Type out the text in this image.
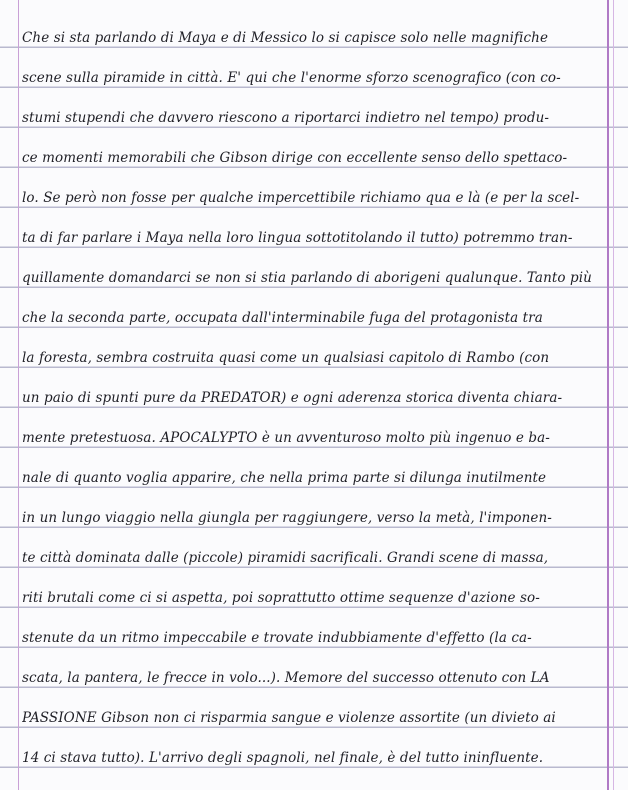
Che si sta parlando di Maya e di Messico lo si capisce solo nelle magnifiche
scene sulla piramide in città. E' qui che l'enorme sforzo scenografico (con co-
stumi stupendi che davvero riescono a riportarci indietro nel tempo) produ-
ce momenti memorabili che Gibson dirige con eccellente senso dello spettaco-
lo. Se però non fosse per qualche impercettibile richiamo qua e là (e per la scel-
ta di far parlare i Maya nella loro lingua sottotitolando il tutto) potremmo tran-
quillamente domandarci se non si stia parlando di aborigeni qualunque. Tanto più
che la seconda parte, occupata dall'interminabile fuga del protagonista tra
la foresta, sembra costruita quasi come un qualsiasi capitolo di Rambo (con
un paio di spunti pure da PREDATOR) e ogni aderenza storica diventa chiara-
mente pretestuosa. APOCALYPTO è un avventuroso molto più ingenuo e ba-
nale di quanto voglia apparire, che nella prima parte si dilunga inutilmente
in un lungo viaggio nella giungla per raggiungere, verso la metà, l'imponen-
te città dominata dalle (piccole) piramidi sacrificali. Grandi scene di massa,
riti brutali come ci si aspetta, poi soprattutto ottime sequenze d'azione so-
stenute da un ritmo impeccabile e trovate indubbiamente d'effetto (la ca-
scata, la pantera, le frecce in volo...). Memore del successo ottenuto con LA
PASSIONE Gibson non ci risparmia sangue e violenze assortite (un divieto ai
14 ci stava tutto). L'arrivo degli spagnoli, nel finale, è del tutto ininfluente.
